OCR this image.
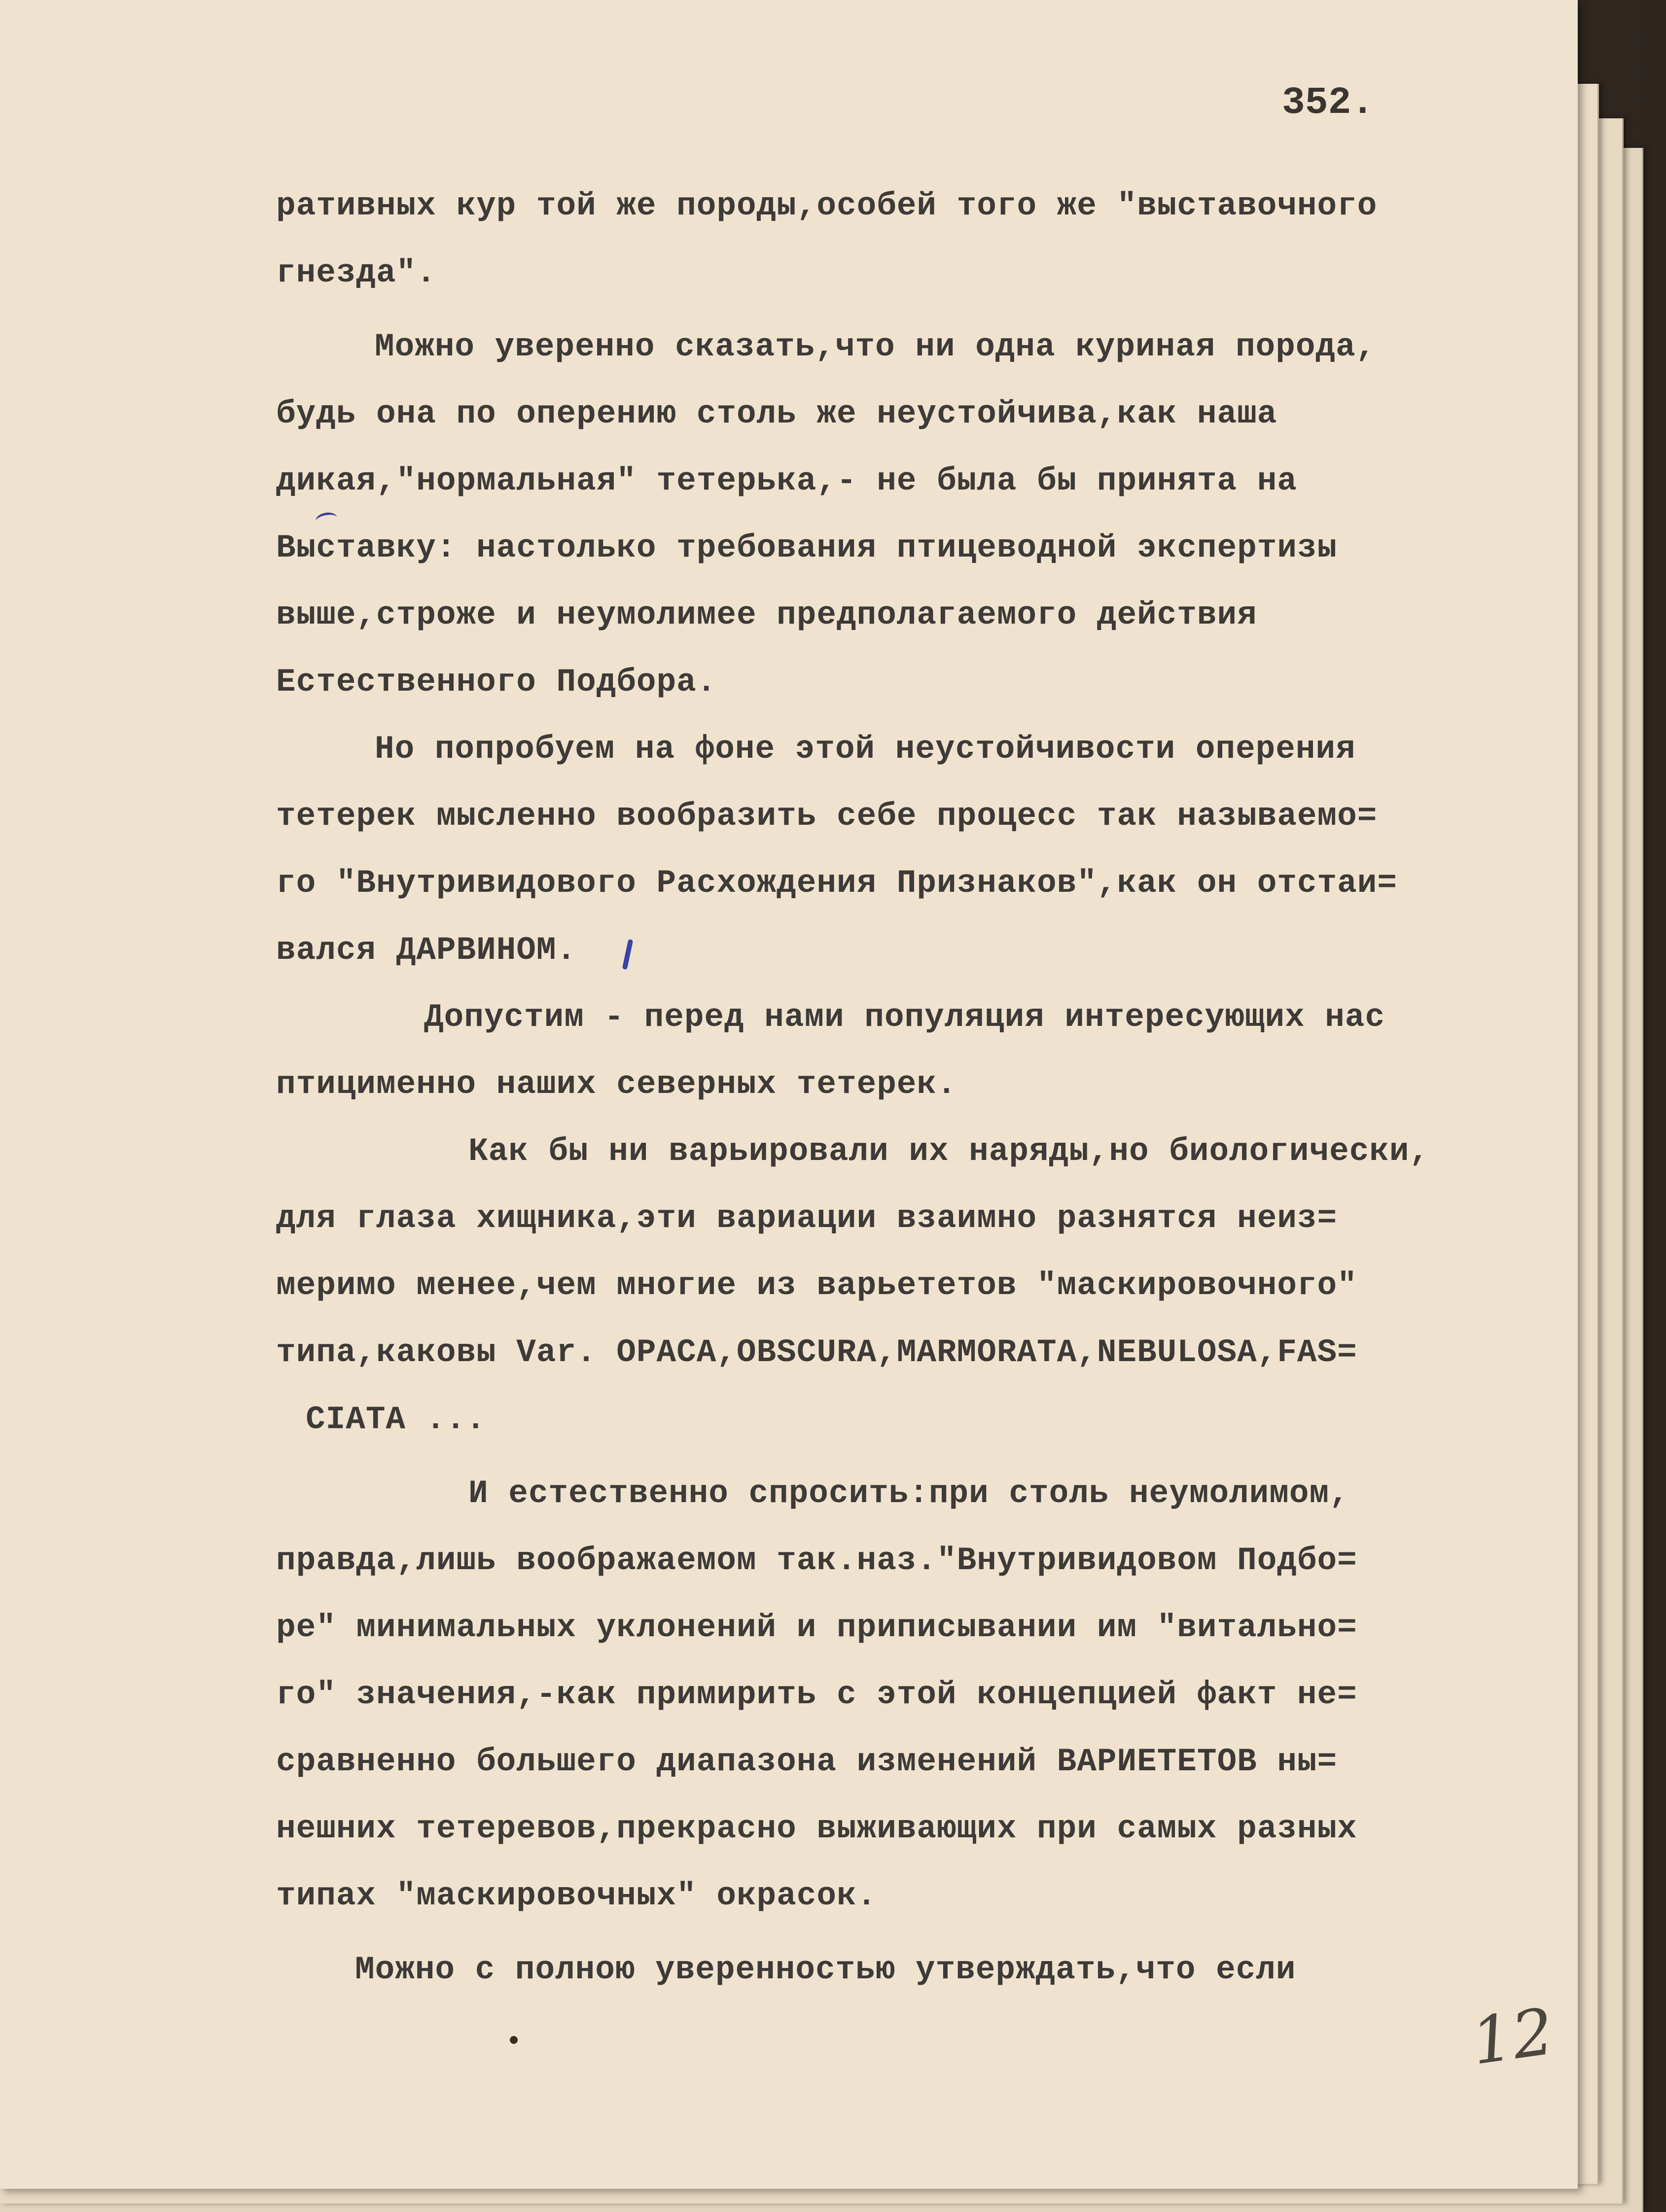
352.

ративных кур той же породы,особей того же "выставочного

гнезда".

Можно уверенно сказать,что ни одна куриная порода,

будь она по оперению столь же неустойчива,как наша

дикая,"нормальная" тетерька,- не была бы принята на

Выставку: настолько требования птицеводной экспертизы

выше,строже и неумолимее предполагаемого действия

Естественного Подбора.

Но попробуем на фоне этой неустойчивости оперения

тетерек мысленно вообразить себе процесс так называемо=

го "Внутривидового Расхождения Признаков",как он отстаи=

вался ДАРВИНОМ.

Допустим - перед нами популяция интересующих нас

птицименно наших северных тетерек.

Как бы ни варьировали их наряды,но биологически,

для глаза хищника,эти вариации взаимно разнятся неиз=

меримо менее,чем многие из варьететов "маскировочного"

типа,каковы Var. OPACA,OBSCURA,MARMORATA,NEBULOSA,FAS=

CIATA ...

И естественно спросить:при столь неумолимом,

правда,лишь воображаемом так.наз."Внутривидовом Подбо=

ре" минимальных уклонений и приписывании им "витально=

го" значения,-как примирить с этой концепцией факт не=

сравненно большего диапазона изменений ВАРИЕТЕТОВ ны=

нешних тетеревов,прекрасно выживающих при самых разных

типах "маскировочных" окрасок.

Можно с полною уверенностью утверждать,что если

12
